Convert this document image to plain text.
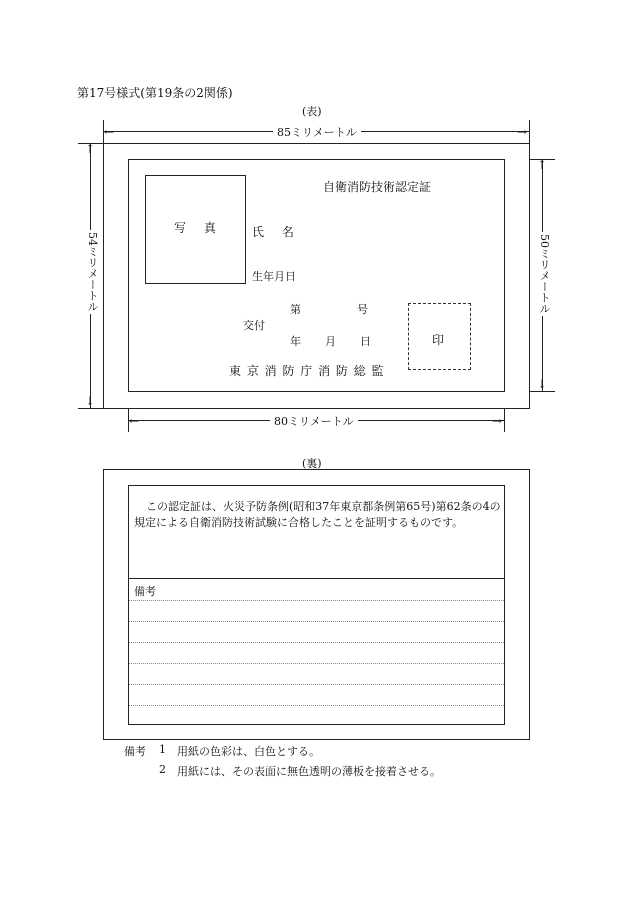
第17号様式(第19条の2関係)
(表)
←	→
85ミリメートル
↑
↓
54ミリメートル
↑
↓
50ミリメートル
←	→
80ミリメートル
自衛消防技術認定証
写 真	氏 名
生年月日
第	号
交付
年 月 日
東 京 消 防 庁 消 防 総 監
印
(裏)
この認定証は、火災予防条例(昭和37年東京都条例第65号)第62条の4の規定による自衛消防技術試験に合格したことを証明するものです。
備考
備考 1 用紙の色彩は、白色とする。
2 用紙には、その表面に無色透明の薄板を接着させる。
